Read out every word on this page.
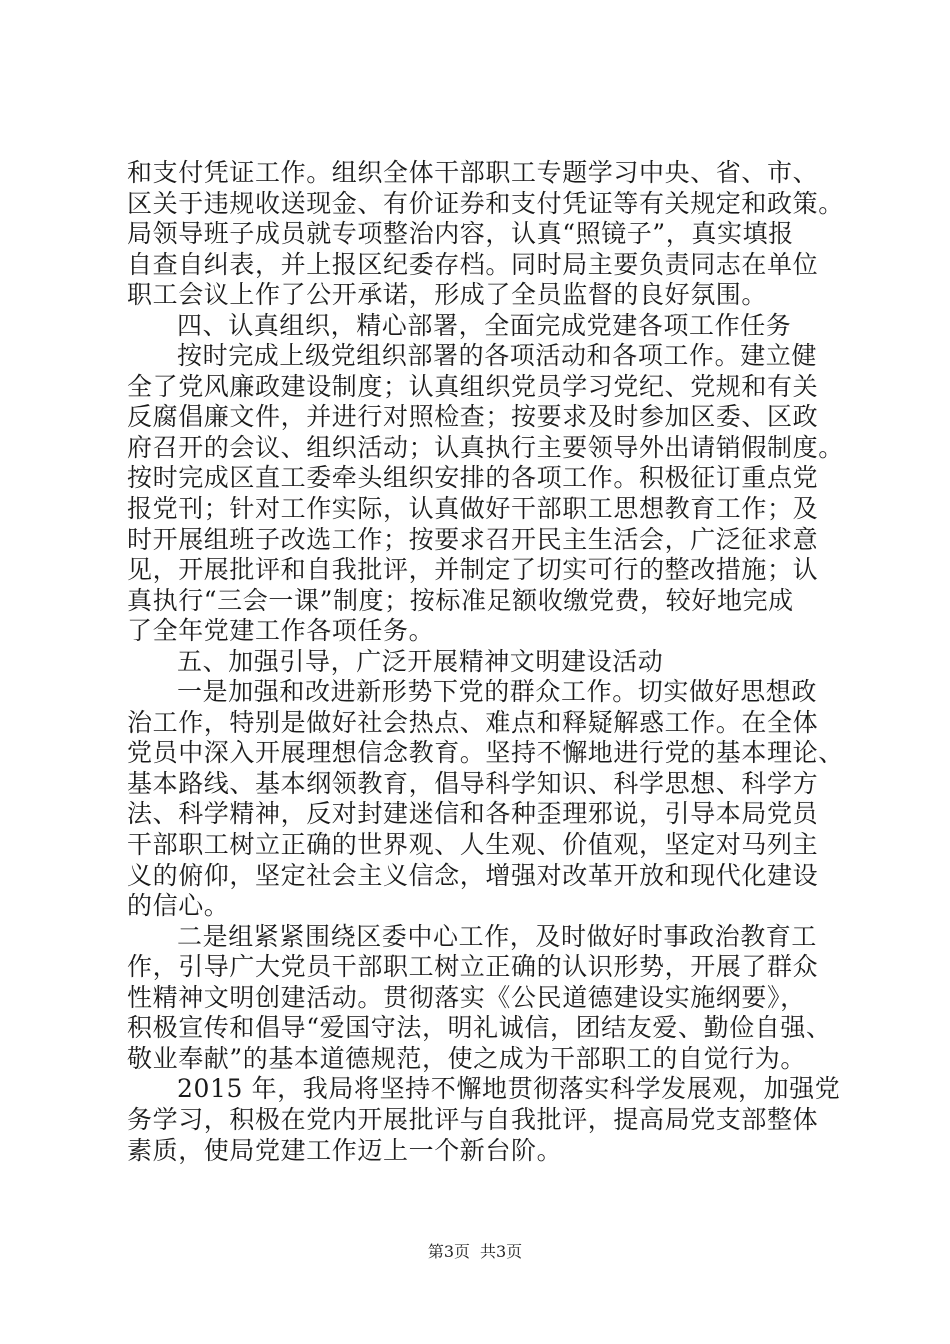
和支付凭证工作。组织全体干部职工专题学习中央、省、市、
区关于违规收送现金、有价证券和支付凭证等有关规定和政策。
局领导班子成员就专项整治内容，认真“照镜子”，真实填报
自查自纠表，并上报区纪委存档。同时局主要负责同志在单位
职工会议上作了公开承诺，形成了全员监督的良好氛围。
四、认真组织，精心部署，全面完成党建各项工作任务
按时完成上级党组织部署的各项活动和各项工作。建立健
全了党风廉政建设制度；认真组织党员学习党纪、党规和有关
反腐倡廉文件，并进行对照检查；按要求及时参加区委、区政
府召开的会议、组织活动；认真执行主要领导外出请销假制度。
按时完成区直工委牵头组织安排的各项工作。积极征订重点党
报党刊；针对工作实际，认真做好干部职工思想教育工作；及
时开展组班子改选工作；按要求召开民主生活会，广泛征求意
见，开展批评和自我批评，并制定了切实可行的整改措施；认
真执行“三会一课”制度；按标准足额收缴党费，较好地完成
了全年党建工作各项任务。
五、加强引导，广泛开展精神文明建设活动
一是加强和改进新形势下党的群众工作。切实做好思想政
治工作，特别是做好社会热点、难点和释疑解惑工作。在全体
党员中深入开展理想信念教育。坚持不懈地进行党的基本理论、
基本路线、基本纲领教育，倡导科学知识、科学思想、科学方
法、科学精神，反对封建迷信和各种歪理邪说，引导本局党员
干部职工树立正确的世界观、人生观、价值观，坚定对马列主
义的俯仰，坚定社会主义信念，增强对改革开放和现代化建设
的信心。
二是组紧紧围绕区委中心工作，及时做好时事政治教育工
作，引导广大党员干部职工树立正确的认识形势，开展了群众
性精神文明创建活动。贯彻落实《公民道德建设实施纲要》，
积极宣传和倡导“爱国守法，明礼诚信，团结友爱、勤俭自强、
敬业奉献”的基本道德规范，使之成为干部职工的自觉行为。
2015 年，我局将坚持不懈地贯彻落实科学发展观，加强党
务学习，积极在党内开展批评与自我批评，提高局党支部整体
素质，使局党建工作迈上一个新台阶。
第3页 共3页
